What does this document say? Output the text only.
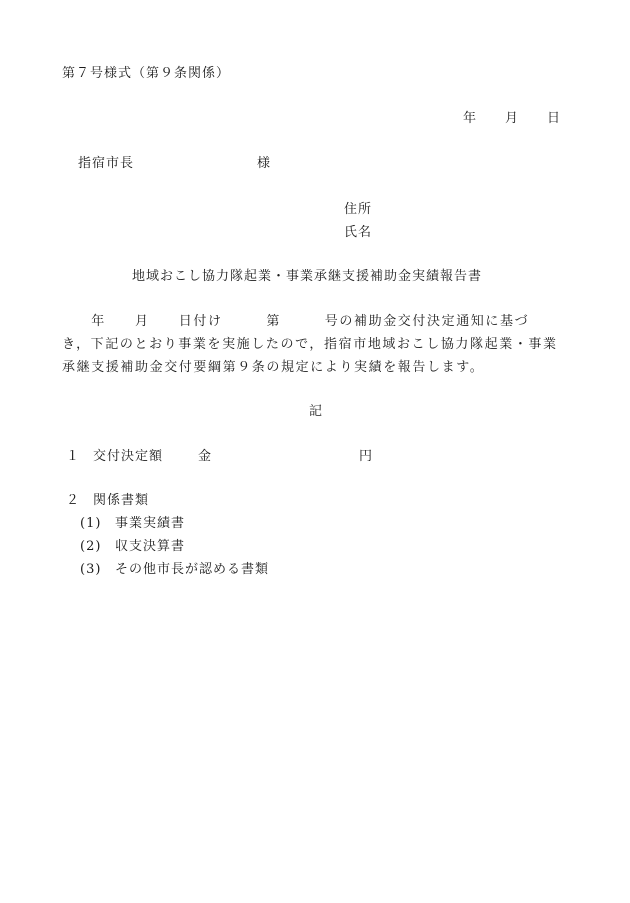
第７号様式（第９条関係）
年　　月　　日
指宿市長	様
住所
氏名
地域おこし協力隊起業・事業承継支援補助金実績報告書
　　年　　月　　日付け　　　第　　　号の補助金交付決定通知に基づ
き，下記のとおり事業を実施したので，指宿市地域おこし協力隊起業・事業
承継支援補助金交付要綱第９条の規定により実績を報告します。
記
１ 交付決定額	金	円
２ 関係書類
(1) 事業実績書
(2) 収支決算書
(3) その他市長が認める書類
